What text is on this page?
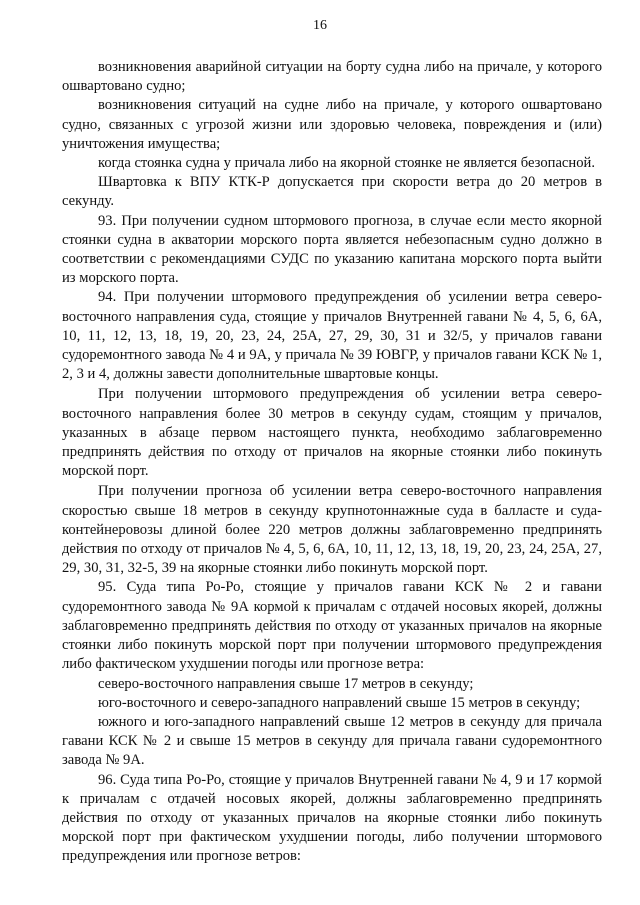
16

возникновения аварийной ситуации на борту судна либо на причале, у которого ошвартовано судно;

возникновения ситуаций на судне либо на причале, у которого ошвартовано судно, связанных с угрозой жизни или здоровью человека, повреждения и (или) уничтожения имущества;

когда стоянка судна у причала либо на якорной стоянке не является безопасной.

Швартовка к ВПУ КТК-Р допускается при скорости ветра до 20 метров в секунду.

93. При получении судном штормового прогноза, в случае если место якорной стоянки судна в акватории морского порта является небезопасным судно должно в соответствии с рекомендациями СУДС по указанию капитана морского порта выйти из морского порта.

94. При получении штормового предупреждения об усилении ветра северо-восточного направления суда, стоящие у причалов Внутренней гавани № 4, 5, 6, 6А, 10, 11, 12, 13, 18, 19, 20, 23, 24, 25А, 27, 29, 30, 31 и 32/5, у причалов гавани судоремонтного завода № 4 и 9А, у причала № 39 ЮВГР, у причалов гавани КСК № 1, 2, 3 и 4, должны завести дополнительные швартовые концы.

При получении штормового предупреждения об усилении ветра северо-восточного направления более 30 метров в секунду судам, стоящим у причалов, указанных в абзаце первом настоящего пункта, необходимо заблаговременно предпринять действия по отходу от причалов на якорные стоянки либо покинуть морской порт.

При получении прогноза об усилении ветра северо-восточного направления скоростью свыше 18 метров в секунду крупнотоннажные суда в балласте и суда-контейнеровозы длиной более 220 метров должны заблаговременно предпринять действия по отходу от причалов № 4, 5, 6, 6А, 10, 11, 12, 13, 18, 19, 20, 23, 24, 25А, 27, 29, 30, 31, 32-5, 39 на якорные стоянки либо покинуть морской порт.

95. Суда типа Ро-Ро, стоящие у причалов гавани КСК № 2 и гавани судоремонтного завода № 9А кормой к причалам с отдачей носовых якорей, должны заблаговременно предпринять действия по отходу от указанных причалов на якорные стоянки либо покинуть морской порт при получении штормового предупреждения либо фактическом ухудшении погоды или прогнозе ветра:

северо-восточного направления свыше 17 метров в секунду;

юго-восточного и северо-западного направлений свыше 15 метров в секунду;

южного и юго-западного направлений свыше 12 метров в секунду для причала гавани КСК № 2 и свыше 15 метров в секунду для причала гавани судоремонтного завода № 9А.

96. Суда типа Ро-Ро, стоящие у причалов Внутренней гавани № 4, 9 и 17 кормой к причалам с отдачей носовых якорей, должны заблаговременно предпринять действия по отходу от указанных причалов на якорные стоянки либо покинуть морской порт при фактическом ухудшении погоды, либо получении штормового предупреждения или прогнозе ветров:
